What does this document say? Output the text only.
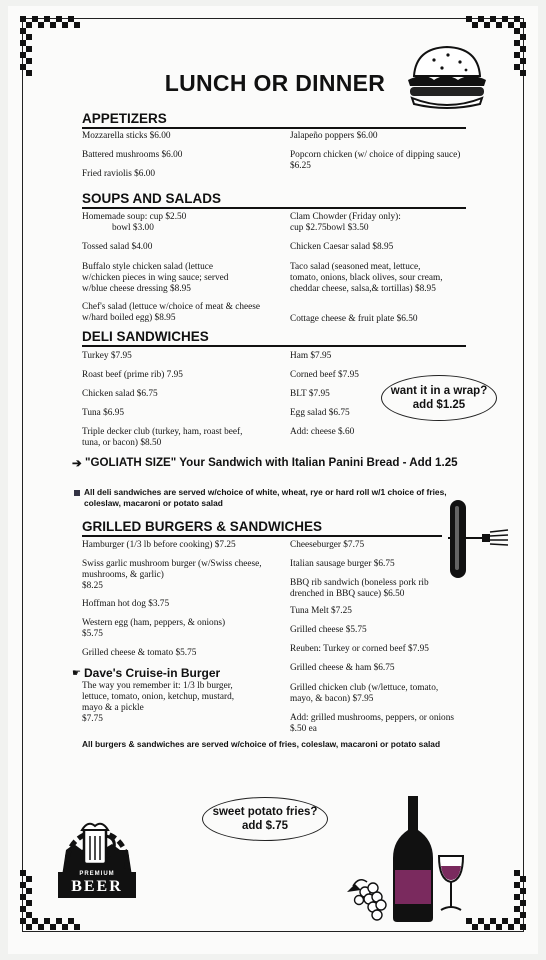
LUNCH OR DINNER
APPETIZERS
Mozzarella sticks $6.00
Battered mushrooms $6.00
Fried raviolis $6.00
Jalapeño poppers $6.00
Popcorn chicken (w/ choice of dipping sauce) $6.25
SOUPS AND SALADS
Homemade soup: cup $2.50
bowl $3.00
Tossed salad $4.00
Buffalo style chicken salad (lettuce w/chicken pieces in wing sauce; served w/blue cheese dressing $8.95
Chef's salad (lettuce w/choice of meat & cheese w/hard boiled egg) $8.95
Clam Chowder (Friday only):
cup $2.75bowl $3.50
Chicken Caesar salad $8.95
Taco salad (seasoned meat, lettuce, tomato, onions, black olives, sour cream, cheddar cheese, salsa,& tortillas) $8.95
Cottage cheese & fruit plate $6.50
DELI SANDWICHES
Turkey $7.95
Roast beef (prime rib) 7.95
Chicken salad $6.75
Tuna $6.95
Triple decker club (turkey, ham, roast beef, tuna, or bacon) $8.50
Ham $7.95
Corned beef $7.95
BLT $7.95
Egg salad $6.75
Add: cheese $.60
want it in a wrap?
add $1.25
➔ "GOLIATH SIZE" Your Sandwich with Italian Panini Bread - Add 1.25
All deli sandwiches are served w/choice of white, wheat, rye or hard roll w/1 choice of fries, coleslaw, macaroni or potato salad
GRILLED BURGERS & SANDWICHES
Hamburger (1/3 lb before cooking) $7.25
Swiss garlic mushroom burger (w/Swiss cheese, mushrooms, & garlic)
$8.25
Hoffman hot dog $3.75
Western egg (ham, peppers, & onions)
$5.75
Grilled cheese & tomato $5.75
☛ Dave's Cruise-in Burger
The way you remember it: 1/3 lb burger, lettuce, tomato, onion, ketchup, mustard, mayo & a pickle
$7.75
Cheeseburger $7.75
Italian sausage burger $6.75
BBQ rib sandwich (boneless pork rib drenched in BBQ sauce) $6.50
Tuna Melt $7.25
Grilled cheese $5.75
Reuben: Turkey or corned beef $7.95
Grilled cheese & ham $6.75
Grilled chicken club (w/lettuce, tomato, mayo, & bacon) $7.95
Add: grilled mushrooms, peppers, or onions $.50 ea
All burgers & sandwiches are served w/choice of fries, coleslaw, macaroni or potato salad
sweet potato fries?
add $.75
PREMIUM
BEER
